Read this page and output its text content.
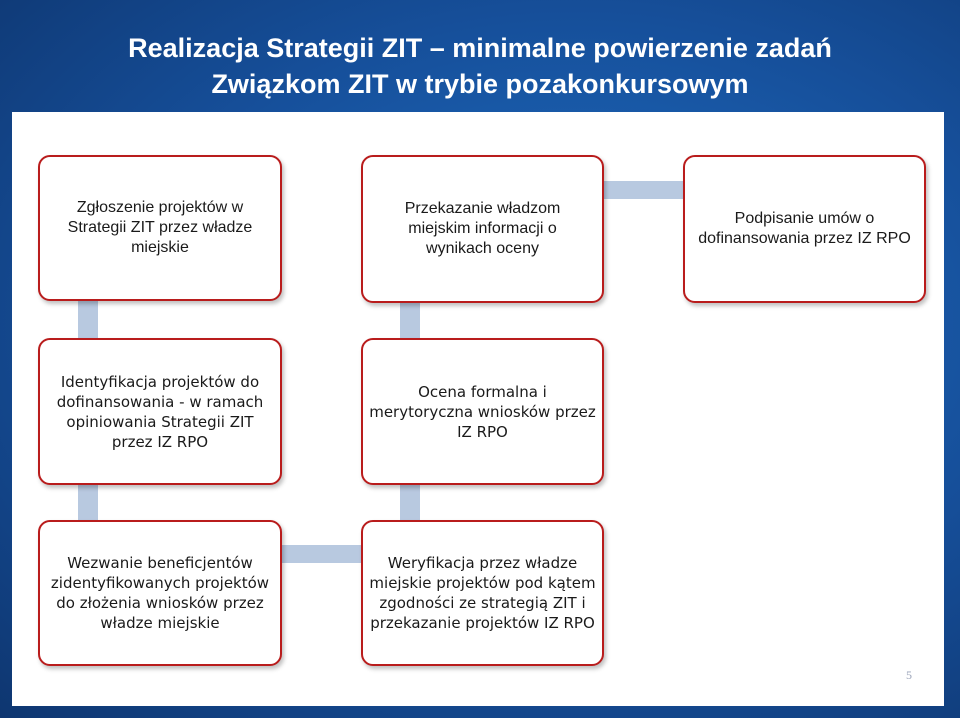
Realizacja Strategii ZIT – minimalne powierzenie zadań
Związkom ZIT w trybie pozakonkursowym
Zgłoszenie projektów w
Strategii ZIT przez władze
miejskie
Przekazanie władzom
miejskim informacji o
wynikach oceny
Podpisanie umów o
dofinansowania przez IZ RPO
Identyfikacja projektów do
dofinansowania - w ramach
opiniowania Strategii ZIT
przez IZ RPO
Ocena formalna i
merytoryczna wniosków przez
IZ RPO
Wezwanie beneficjentów
zidentyfikowanych projektów
do złożenia wniosków przez
władze miejskie
Weryfikacja przez władze
miejskie projektów pod kątem
zgodności ze strategią ZIT i
przekazanie projektów IZ RPO
5
